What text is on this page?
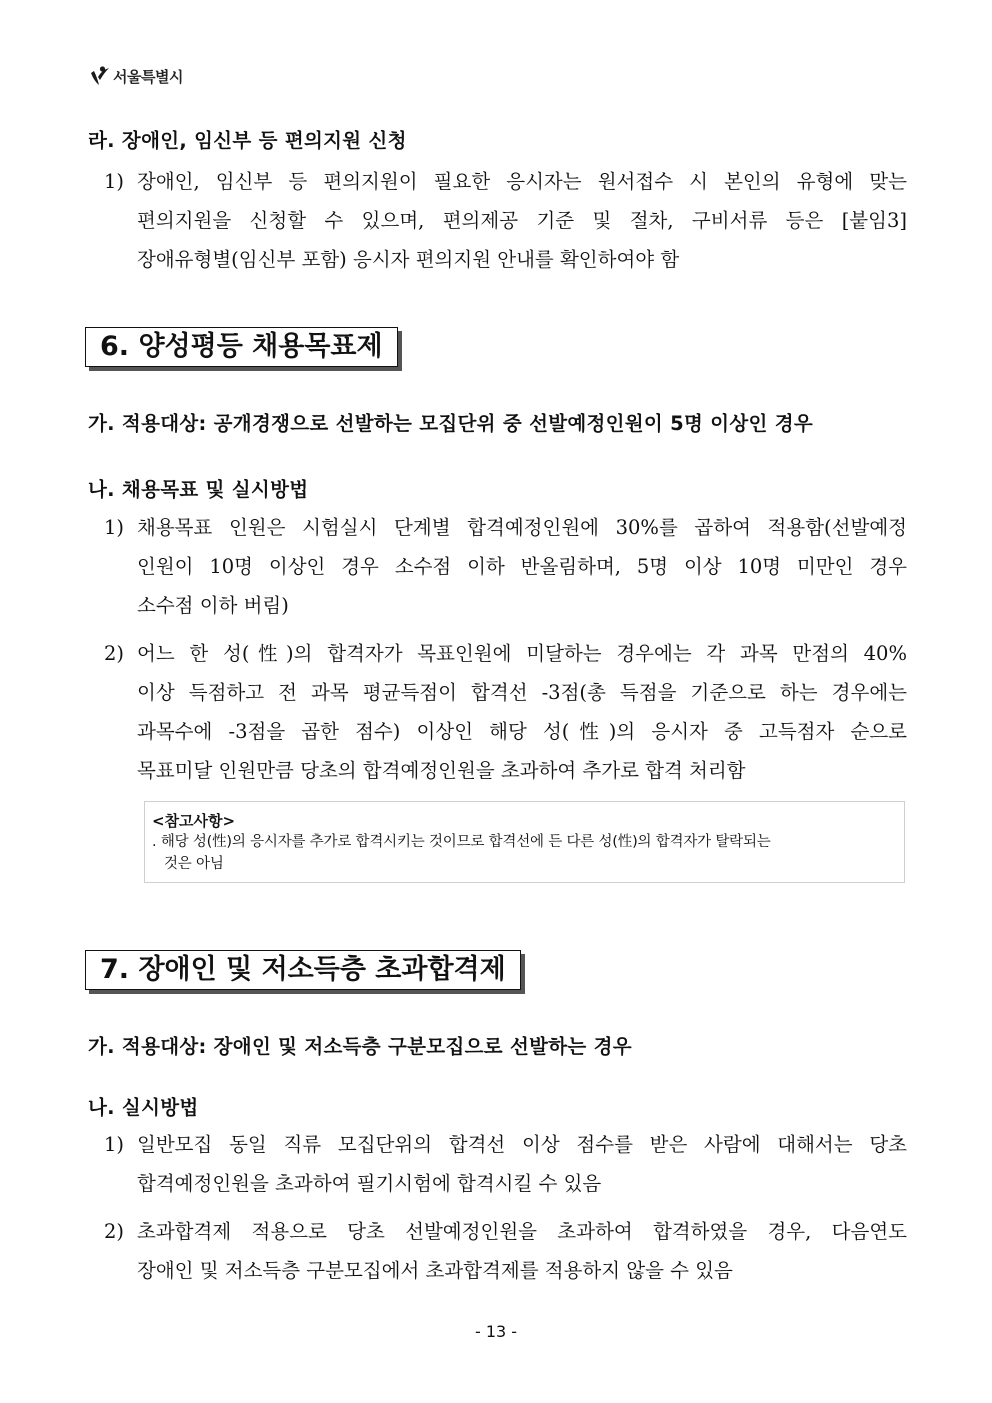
서울특별시
라. 장애인, 임신부 등 편의지원 신청
1) 장애인, 임신부 등 편의지원이 필요한 응시자는 원서접수 시 본인의 유형에 맞는
편의지원을 신청할 수 있으며, 편의제공 기준 및 절차, 구비서류 등은 [붙임3]
장애유형별(임신부 포함) 응시자 편의지원 안내를 확인하여야 함
6. 양성평등 채용목표제
가. 적용대상: 공개경쟁으로 선발하는 모집단위 중 선발예정인원이 5명 이상인 경우
나. 채용목표 및 실시방법
1) 채용목표 인원은 시험실시 단계별 합격예정인원에 30%를 곱하여 적용함(선발예정
인원이 10명 이상인 경우 소수점 이하 반올림하며, 5명 이상 10명 미만인 경우
소수점 이하 버림)
2) 어느 한 성(性)의 합격자가 목표인원에 미달하는 경우에는 각 과목 만점의 40%
이상 득점하고 전 과목 평균득점이 합격선 -3점(총 득점을 기준으로 하는 경우에는
과목수에 -3점을 곱한 점수) 이상인 해당 성(性)의 응시자 중 고득점자 순으로
목표미달 인원만큼 당초의 합격예정인원을 초과하여 추가로 합격 처리함
<참고사항>
. 해당 성(性)의 응시자를 추가로 합격시키는 것이므로 합격선에 든 다른 성(性)의 합격자가 탈락되는
것은 아님
7. 장애인 및 저소득층 초과합격제
가. 적용대상: 장애인 및 저소득층 구분모집으로 선발하는 경우
나. 실시방법
1) 일반모집 동일 직류 모집단위의 합격선 이상 점수를 받은 사람에 대해서는 당초
합격예정인원을 초과하여 필기시험에 합격시킬 수 있음
2) 초과합격제 적용으로 당초 선발예정인원을 초과하여 합격하였을 경우, 다음연도
장애인 및 저소득층 구분모집에서 초과합격제를 적용하지 않을 수 있음
- 13 -
